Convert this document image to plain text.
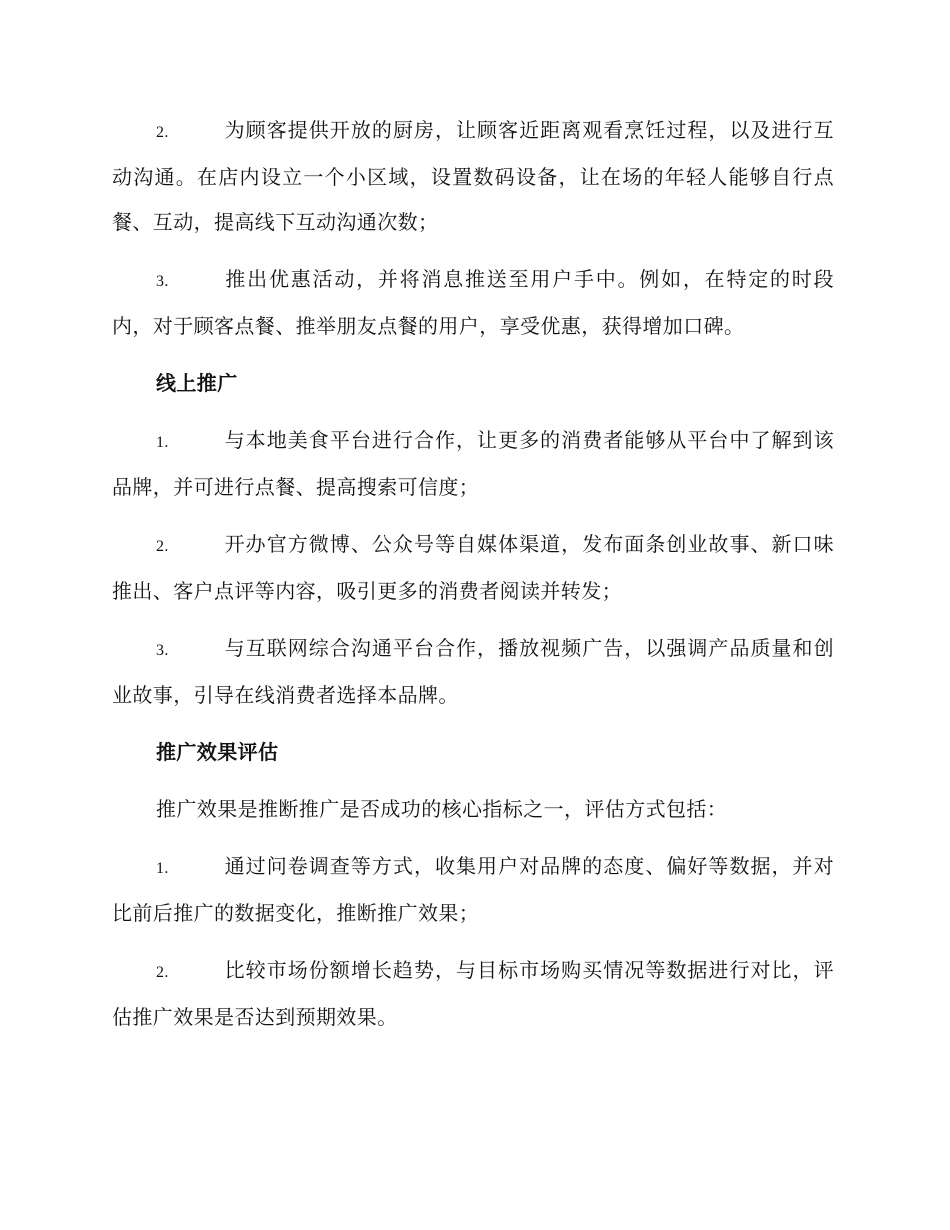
2.	为顾客提供开放的厨房，让顾客近距离观看烹饪过程，以及进行互动沟通。在店内设立一个小区域，设置数码设备，让在场的年轻人能够自行点餐、互动，提高线下互动沟通次数；

3.	推出优惠活动，并将消息推送至用户手中。例如，在特定的时段内，对于顾客点餐、推举朋友点餐的用户，享受优惠，获得增加口碑。

线上推广

1.	与本地美食平台进行合作，让更多的消费者能够从平台中了解到该品牌，并可进行点餐、提高搜索可信度；

2.	开办官方微博、公众号等自媒体渠道，发布面条创业故事、新口味推出、客户点评等内容，吸引更多的消费者阅读并转发；

3.	与互联网综合沟通平台合作，播放视频广告，以强调产品质量和创业故事，引导在线消费者选择本品牌。

推广效果评估

推广效果是推断推广是否成功的核心指标之一，评估方式包括：

1.	通过问卷调查等方式，收集用户对品牌的态度、偏好等数据，并对比前后推广的数据变化，推断推广效果；

2.	比较市场份额增长趋势，与目标市场购买情况等数据进行对比，评估推广效果是否达到预期效果。
